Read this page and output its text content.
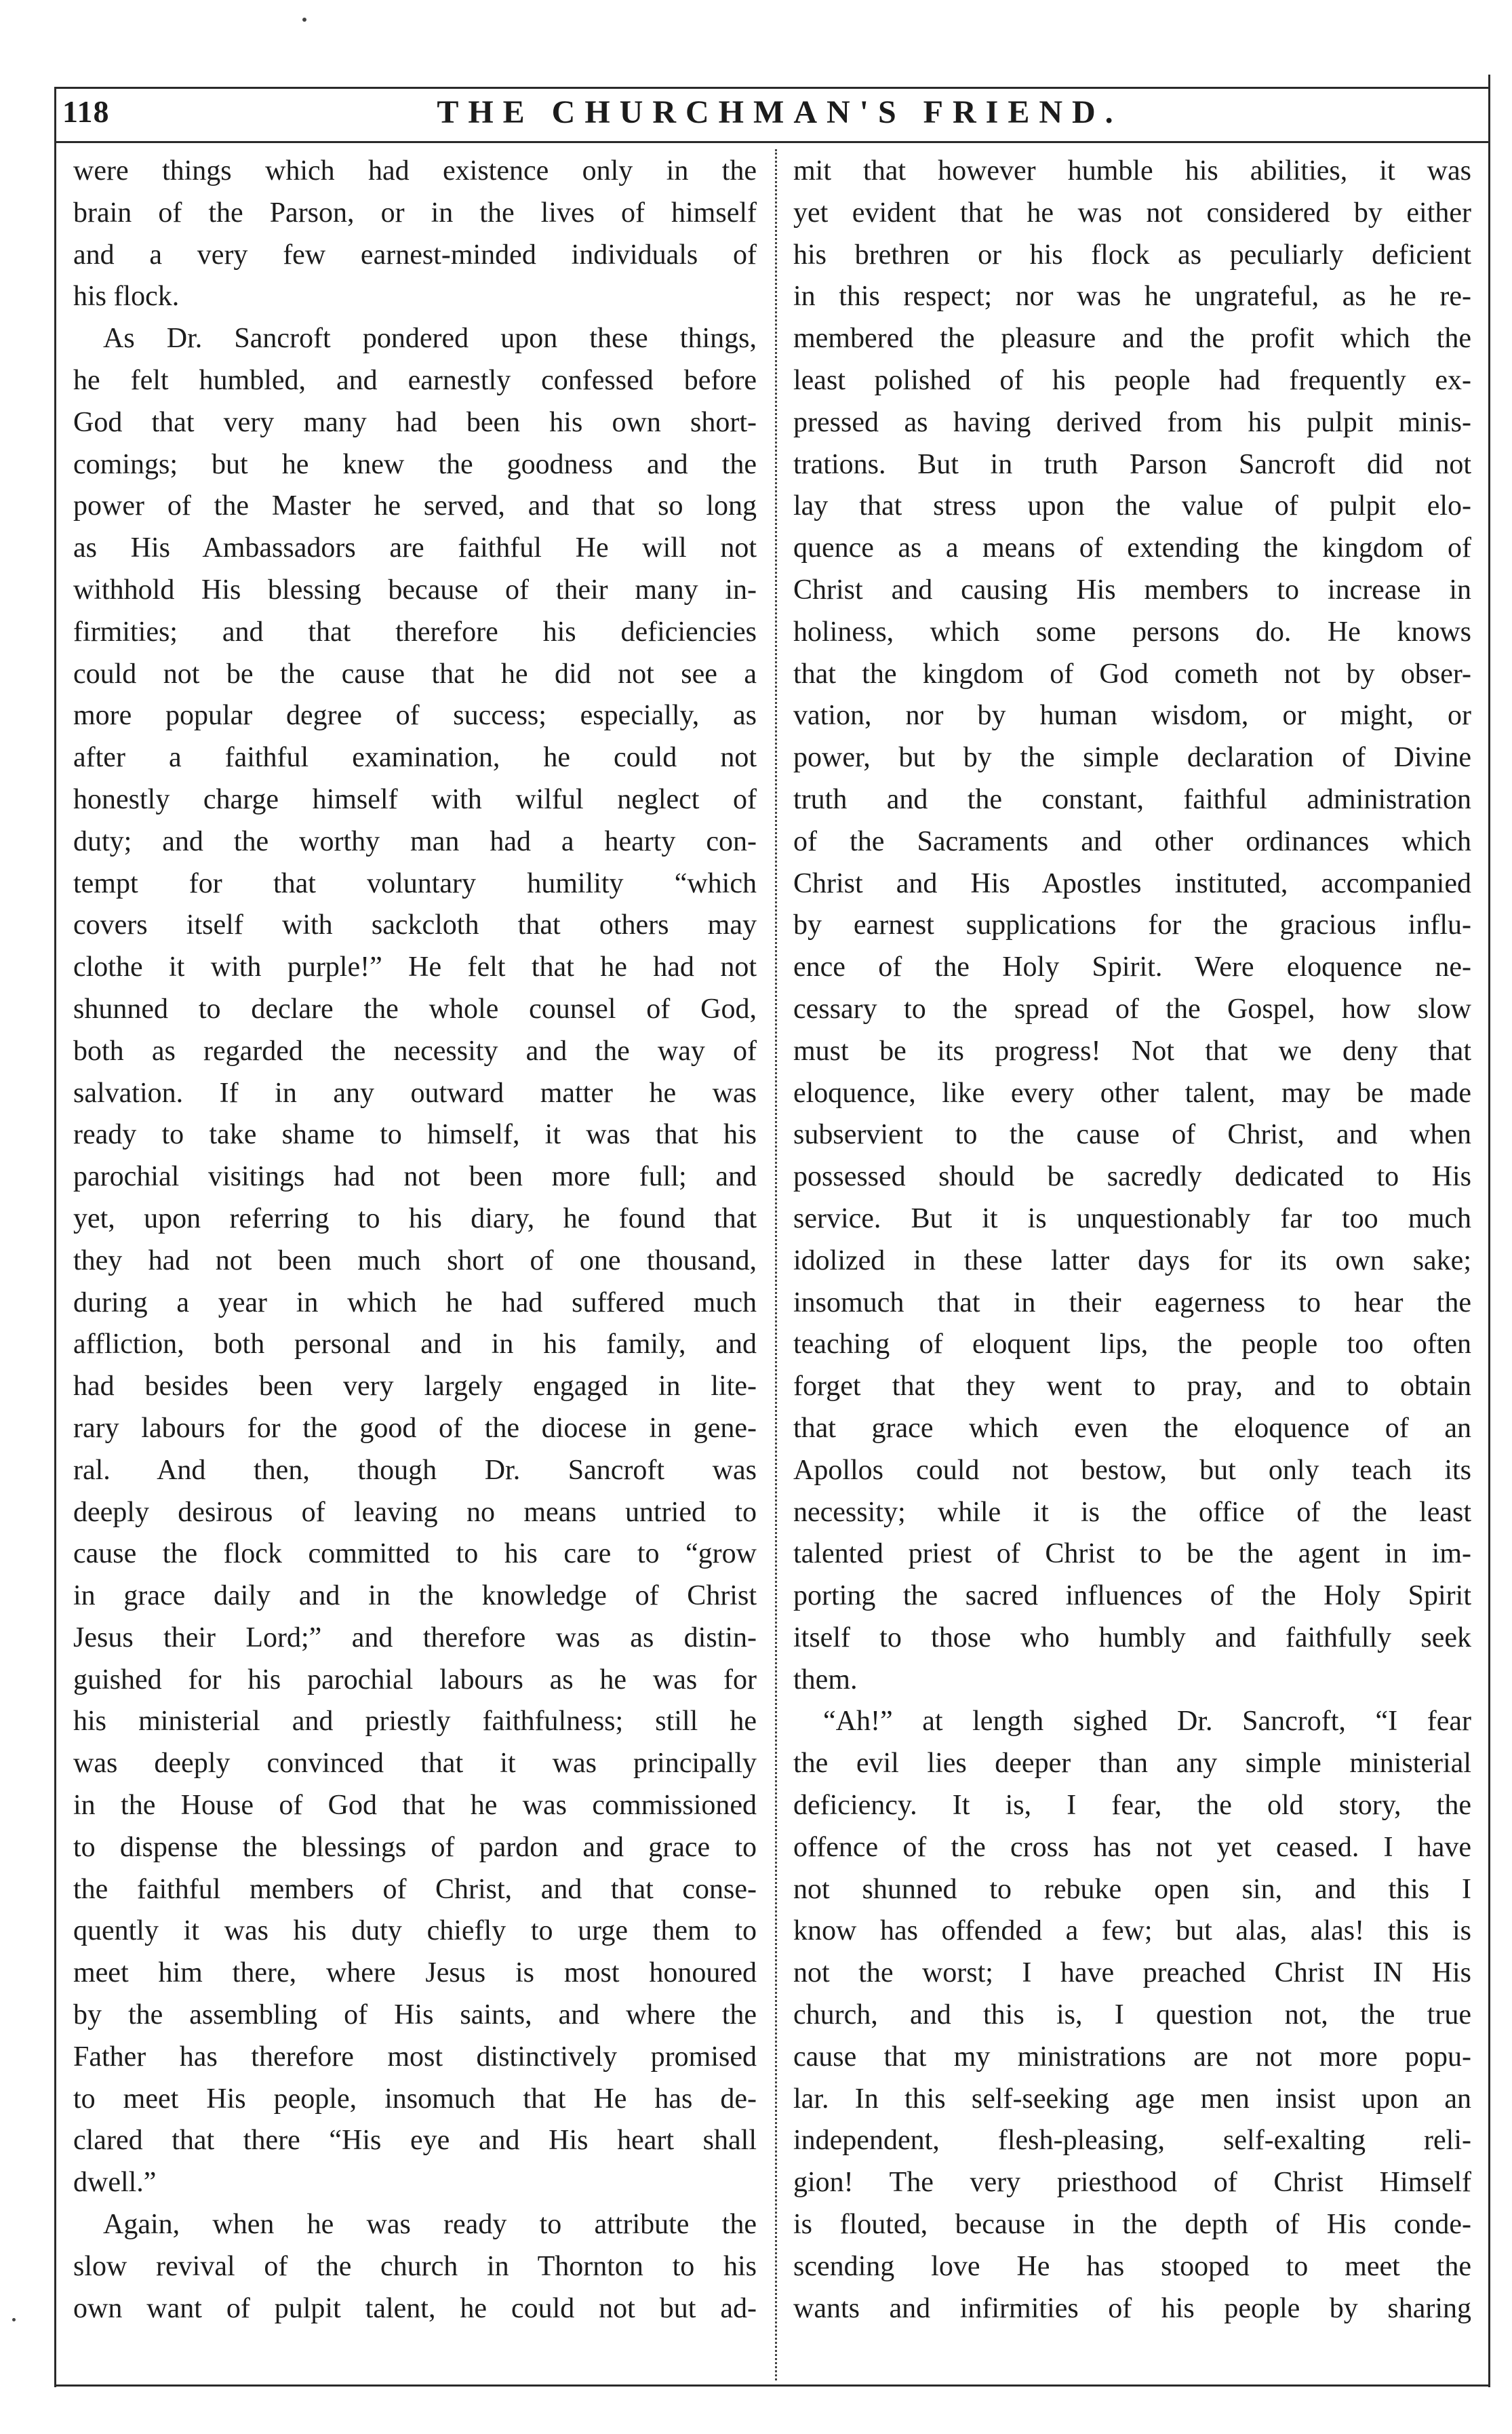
118	THE CHURCHMAN'S FRIEND.
were things which had existence only in the
brain of the Parson, or in the lives of himself
and a very few earnest-minded individuals of
his flock.
As Dr. Sancroft pondered upon these things,
he felt humbled, and earnestly confessed before
God that very many had been his own short-
comings; but he knew the goodness and the
power of the Master he served, and that so long
as His Ambassadors are faithful He will not
withhold His blessing because of their many in-
firmities; and that therefore his deficiencies
could not be the cause that he did not see a
more popular degree of success; especially, as
after a faithful examination, he could not
honestly charge himself with wilful neglect of
duty; and the worthy man had a hearty con-
tempt for that voluntary humility “which
covers itself with sackcloth that others may
clothe it with purple!” He felt that he had not
shunned to declare the whole counsel of God,
both as regarded the necessity and the way of
salvation. If in any outward matter he was
ready to take shame to himself, it was that his
parochial visitings had not been more full; and
yet, upon referring to his diary, he found that
they had not been much short of one thousand,
during a year in which he had suffered much
affliction, both personal and in his family, and
had besides been very largely engaged in lite-
rary labours for the good of the diocese in gene-
ral. And then, though Dr. Sancroft was
deeply desirous of leaving no means untried to
cause the flock committed to his care to “grow
in grace daily and in the knowledge of Christ
Jesus their Lord;” and therefore was as distin-
guished for his parochial labours as he was for
his ministerial and priestly faithfulness; still he
was deeply convinced that it was principally
in the House of God that he was commissioned
to dispense the blessings of pardon and grace to
the faithful members of Christ, and that conse-
quently it was his duty chiefly to urge them to
meet him there, where Jesus is most honoured
by the assembling of His saints, and where the
Father has therefore most distinctively promised
to meet His people, insomuch that He has de-
clared that there “His eye and His heart shall
dwell.”
Again, when he was ready to attribute the
slow revival of the church in Thornton to his
own want of pulpit talent, he could not but ad-
mit that however humble his abilities, it was
yet evident that he was not considered by either
his brethren or his flock as peculiarly deficient
in this respect; nor was he ungrateful, as he re-
membered the pleasure and the profit which the
least polished of his people had frequently ex-
pressed as having derived from his pulpit minis-
trations. But in truth Parson Sancroft did not
lay that stress upon the value of pulpit elo-
quence as a means of extending the kingdom of
Christ and causing His members to increase in
holiness, which some persons do. He knows
that the kingdom of God cometh not by obser-
vation, nor by human wisdom, or might, or
power, but by the simple declaration of Divine
truth and the constant, faithful administration
of the Sacraments and other ordinances which
Christ and His Apostles instituted, accompanied
by earnest supplications for the gracious influ-
ence of the Holy Spirit. Were eloquence ne-
cessary to the spread of the Gospel, how slow
must be its progress! Not that we deny that
eloquence, like every other talent, may be made
subservient to the cause of Christ, and when
possessed should be sacredly dedicated to His
service. But it is unquestionably far too much
idolized in these latter days for its own sake;
insomuch that in their eagerness to hear the
teaching of eloquent lips, the people too often
forget that they went to pray, and to obtain
that grace which even the eloquence of an
Apollos could not bestow, but only teach its
necessity; while it is the office of the least
talented priest of Christ to be the agent in im-
porting the sacred influences of the Holy Spirit
itself to those who humbly and faithfully seek
them.
“Ah!” at length sighed Dr. Sancroft, “I fear
the evil lies deeper than any simple ministerial
deficiency. It is, I fear, the old story, the
offence of the cross has not yet ceased. I have
not shunned to rebuke open sin, and this I
know has offended a few; but alas, alas! this is
not the worst; I have preached Christ IN His
church, and this is, I question not, the true
cause that my ministrations are not more popu-
lar. In this self-seeking age men insist upon an
independent, flesh-pleasing, self-exalting reli-
gion! The very priesthood of Christ Himself
is flouted, because in the depth of His conde-
scending love He has stooped to meet the
wants and infirmities of his people by sharing
